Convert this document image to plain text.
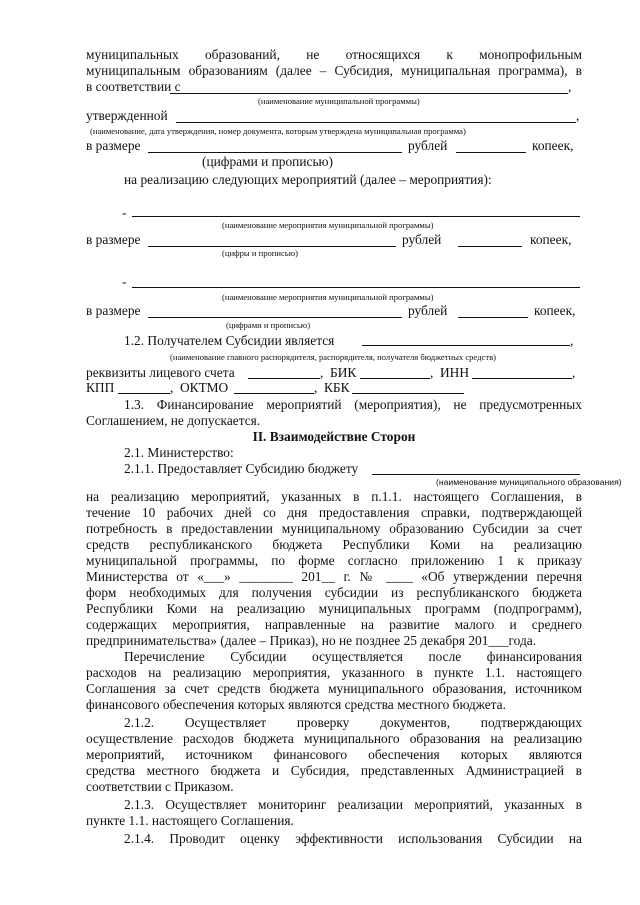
муниципальных образований, не относящихся к монопрофильным
муниципальным образованиям (далее – Субсидия, муниципальная программа), в
в соответствии с	,
(наименование муниципальной программы)
утвержденной	,
(наименование, дата утверждения, номер документа, которым утверждена муниципальная программа)
в размере	рублей	копеек,
(цифрами и прописью)
на реализацию следующих мероприятий (далее – мероприятия):
-
(наименование мероприятия муниципальной программы)
в размере	рублей	копеек,
(цифры и прописью)
-
(наименование мероприятия муниципальной программы)
в размере	рублей	копеек,
(цифрами и прописью)
1.2. Получателем Субсидии является	,
(наименование главного распорядителя, распорядителя, получателя бюджетных средств)
реквизиты лицевого счета	, БИК	, ИНН	,
КПП	, ОКТМО	, КБК
1.3. Финансирование мероприятий (мероприятия), не предусмотренных
Соглашением, не допускается.
II. Взаимодействие Сторон
2.1. Министерство:
2.1.1. Предоставляет Субсидию бюджету
(наименование муниципального образования)
на реализацию мероприятий, указанных в п.1.1. настоящего Соглашения, в
течение 10 рабочих дней со дня предоставления справки, подтверждающей
потребность в предоставлении муниципальному образованию Субсидии за счет
средств республиканского бюджета Республики Коми на реализацию
муниципальной программы, по форме согласно приложению 1 к приказу
Министерства от «___» ________ 201__ г. № ____ «Об утверждении перечня
форм необходимых для получения субсидии из республиканского бюджета
Республики Коми на реализацию муниципальных программ (подпрограмм),
содержащих мероприятия, направленные на развитие малого и среднего
предпринимательства» (далее – Приказ), но не позднее 25 декабря 201___года.
Перечисление Субсидии осуществляется после финансирования
расходов на реализацию мероприятия, указанного в пункте 1.1. настоящего
Соглашения за счет средств бюджета муниципального образования, источником
финансового обеспечения которых являются средства местного бюджета.
2.1.2. Осуществляет проверку документов, подтверждающих
осуществление расходов бюджета муниципального образования на реализацию
мероприятий, источником финансового обеспечения которых являются
средства местного бюджета и Субсидия, представленных Администрацией в
соответствии с Приказом.
2.1.3. Осуществляет мониторинг реализации мероприятий, указанных в
пункте 1.1. настоящего Соглашения.
2.1.4. Проводит оценку эффективности использования Субсидии на
